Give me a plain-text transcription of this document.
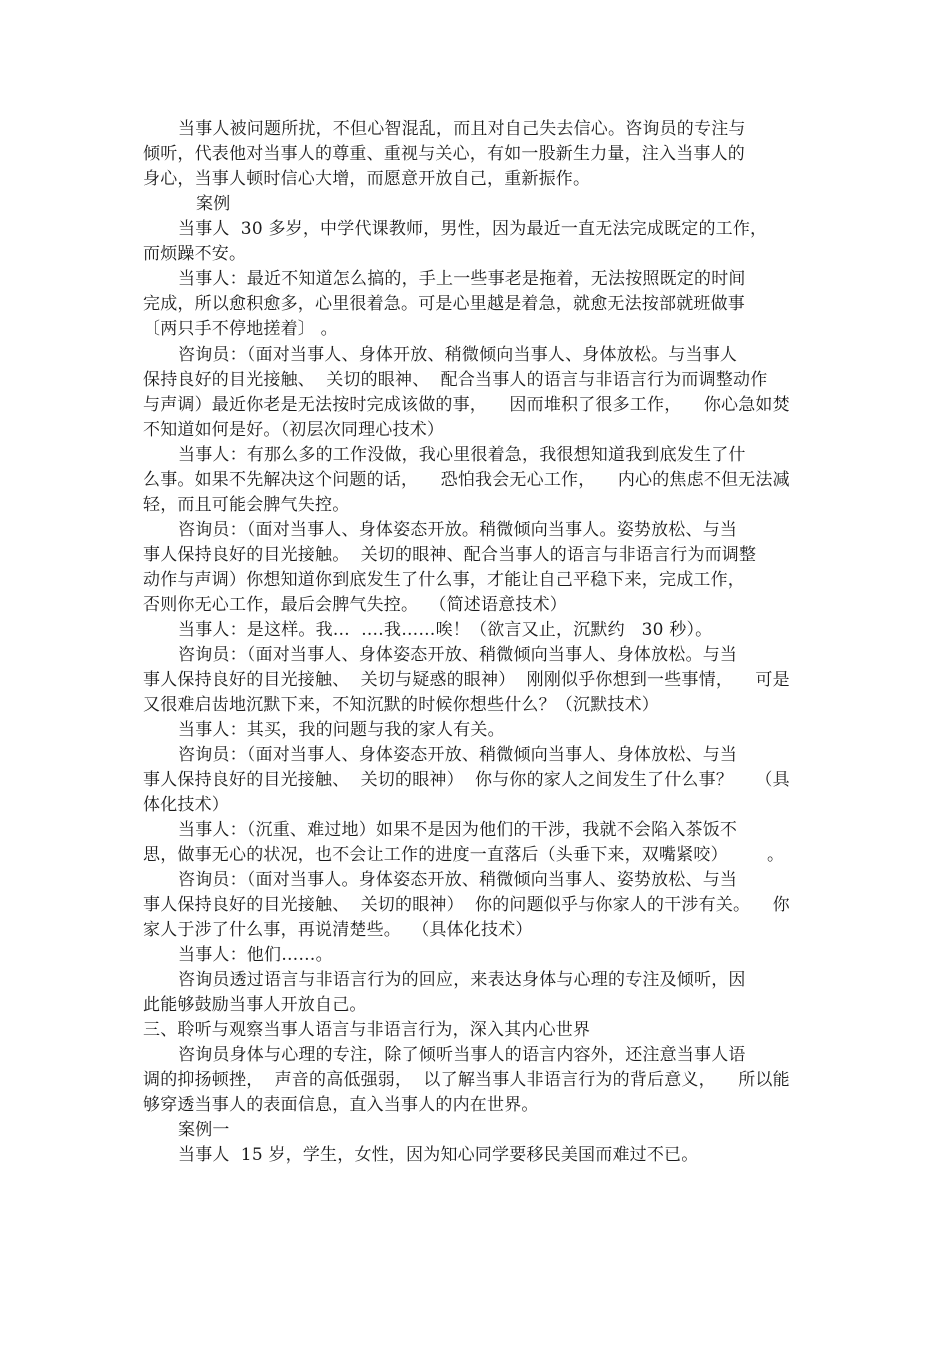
当事人被问题所扰，不但心智混乱，而且对自己失去信心。咨询员的专注与
倾听，代表他对当事人的尊重、重视与关心，有如一股新生力量，注入当事人的
身心，当事人顿时信心大增，而愿意开放自己，重新振作。
案例
当事人  30 多岁，中学代课教师，男性，因为最近一直无法完成既定的工作，
而烦躁不安。
当事人：最近不知道怎么搞的，手上一些事老是拖着，无法按照既定的时间
完成，所以愈积愈多，心里很着急。可是心里越是着急，就愈无法按部就班做事
〔两只手不停地搓着〕 。
咨询员：（面对当事人、身体开放、稍微倾向当事人、身体放松。与当事人
保持良好的目光接触、  关切的眼神、  配合当事人的语言与非语言行为而调整动作
与声调）最近你老是无法按时完成该做的事，    因而堆积了很多工作，    你心急如焚
不知道如何是好。（初层次同理心技术）
当事人：有那么多的工作没做，我心里很着急，我很想知道我到底发生了什
么事。如果不先解决这个问题的话，    恐怕我会无心工作，    内心的焦虑不但无法减
轻，而且可能会脾气失控。
咨询员：（面对当事人、身体姿态开放。稍微倾向当事人。姿势放松、与当
事人保持良好的目光接触。  关切的眼神、配合当事人的语言与非语言行为而调整
动作与声调）你想知道你到底发生了什么事，才能让自己平稳下来，完成工作，
否则你无心工作，最后会脾气失控。  （简述语意技术）
当事人：是这样。我…  .…我……唉！（欲言又止，沉默约   30 秒）。
咨询员：（面对当事人、身体姿态开放、稍微倾向当事人、身体放松。与当
事人保持良好的目光接触、  关切与疑惑的眼神）  刚刚似乎你想到一些事情，    可是
又很难启齿地沉默下来，不知沉默的时候你想些什么？（沉默技术）
当事人：其买，我的问题与我的家人有关。
咨询员：（面对当事人、身体姿态开放、稍微倾向当事人、身体放松、与当
事人保持良好的目光接触、  关切的眼神）  你与你的家人之间发生了什么事？    （具
体化技术）
当事人：（沉重、难过地）如果不是因为他们的干涉，我就不会陷入茶饭不
思，做事无心的状况，也不会让工作的进度一直落后（头垂下来，双嘴紧咬）       。
咨询员：（面对当事人。身体姿态开放、稍微倾向当事人、姿势放松、与当
事人保持良好的目光接触、  关切的眼神）  你的问题似乎与你家人的干涉有关。    你
家人于涉了什么事，再说清楚些。  （具体化技术）
当事人：他们……。
咨询员透过语言与非语言行为的回应，来表达身体与心理的专注及倾听，因
此能够鼓励当事人开放自己。
三、聆听与观察当事人语言与非语言行为，深入其内心世界
咨询员身体与心理的专注，除了倾听当事人的语言内容外，还注意当事人语
调的抑扬顿挫，  声音的高低强弱，  以了解当事人非语言行为的背后意义，    所以能
够穿透当事人的表面信息，直入当事人的内在世界。
案例一
当事人  15 岁，学生，女性，因为知心同学要移民美国而难过不已。
